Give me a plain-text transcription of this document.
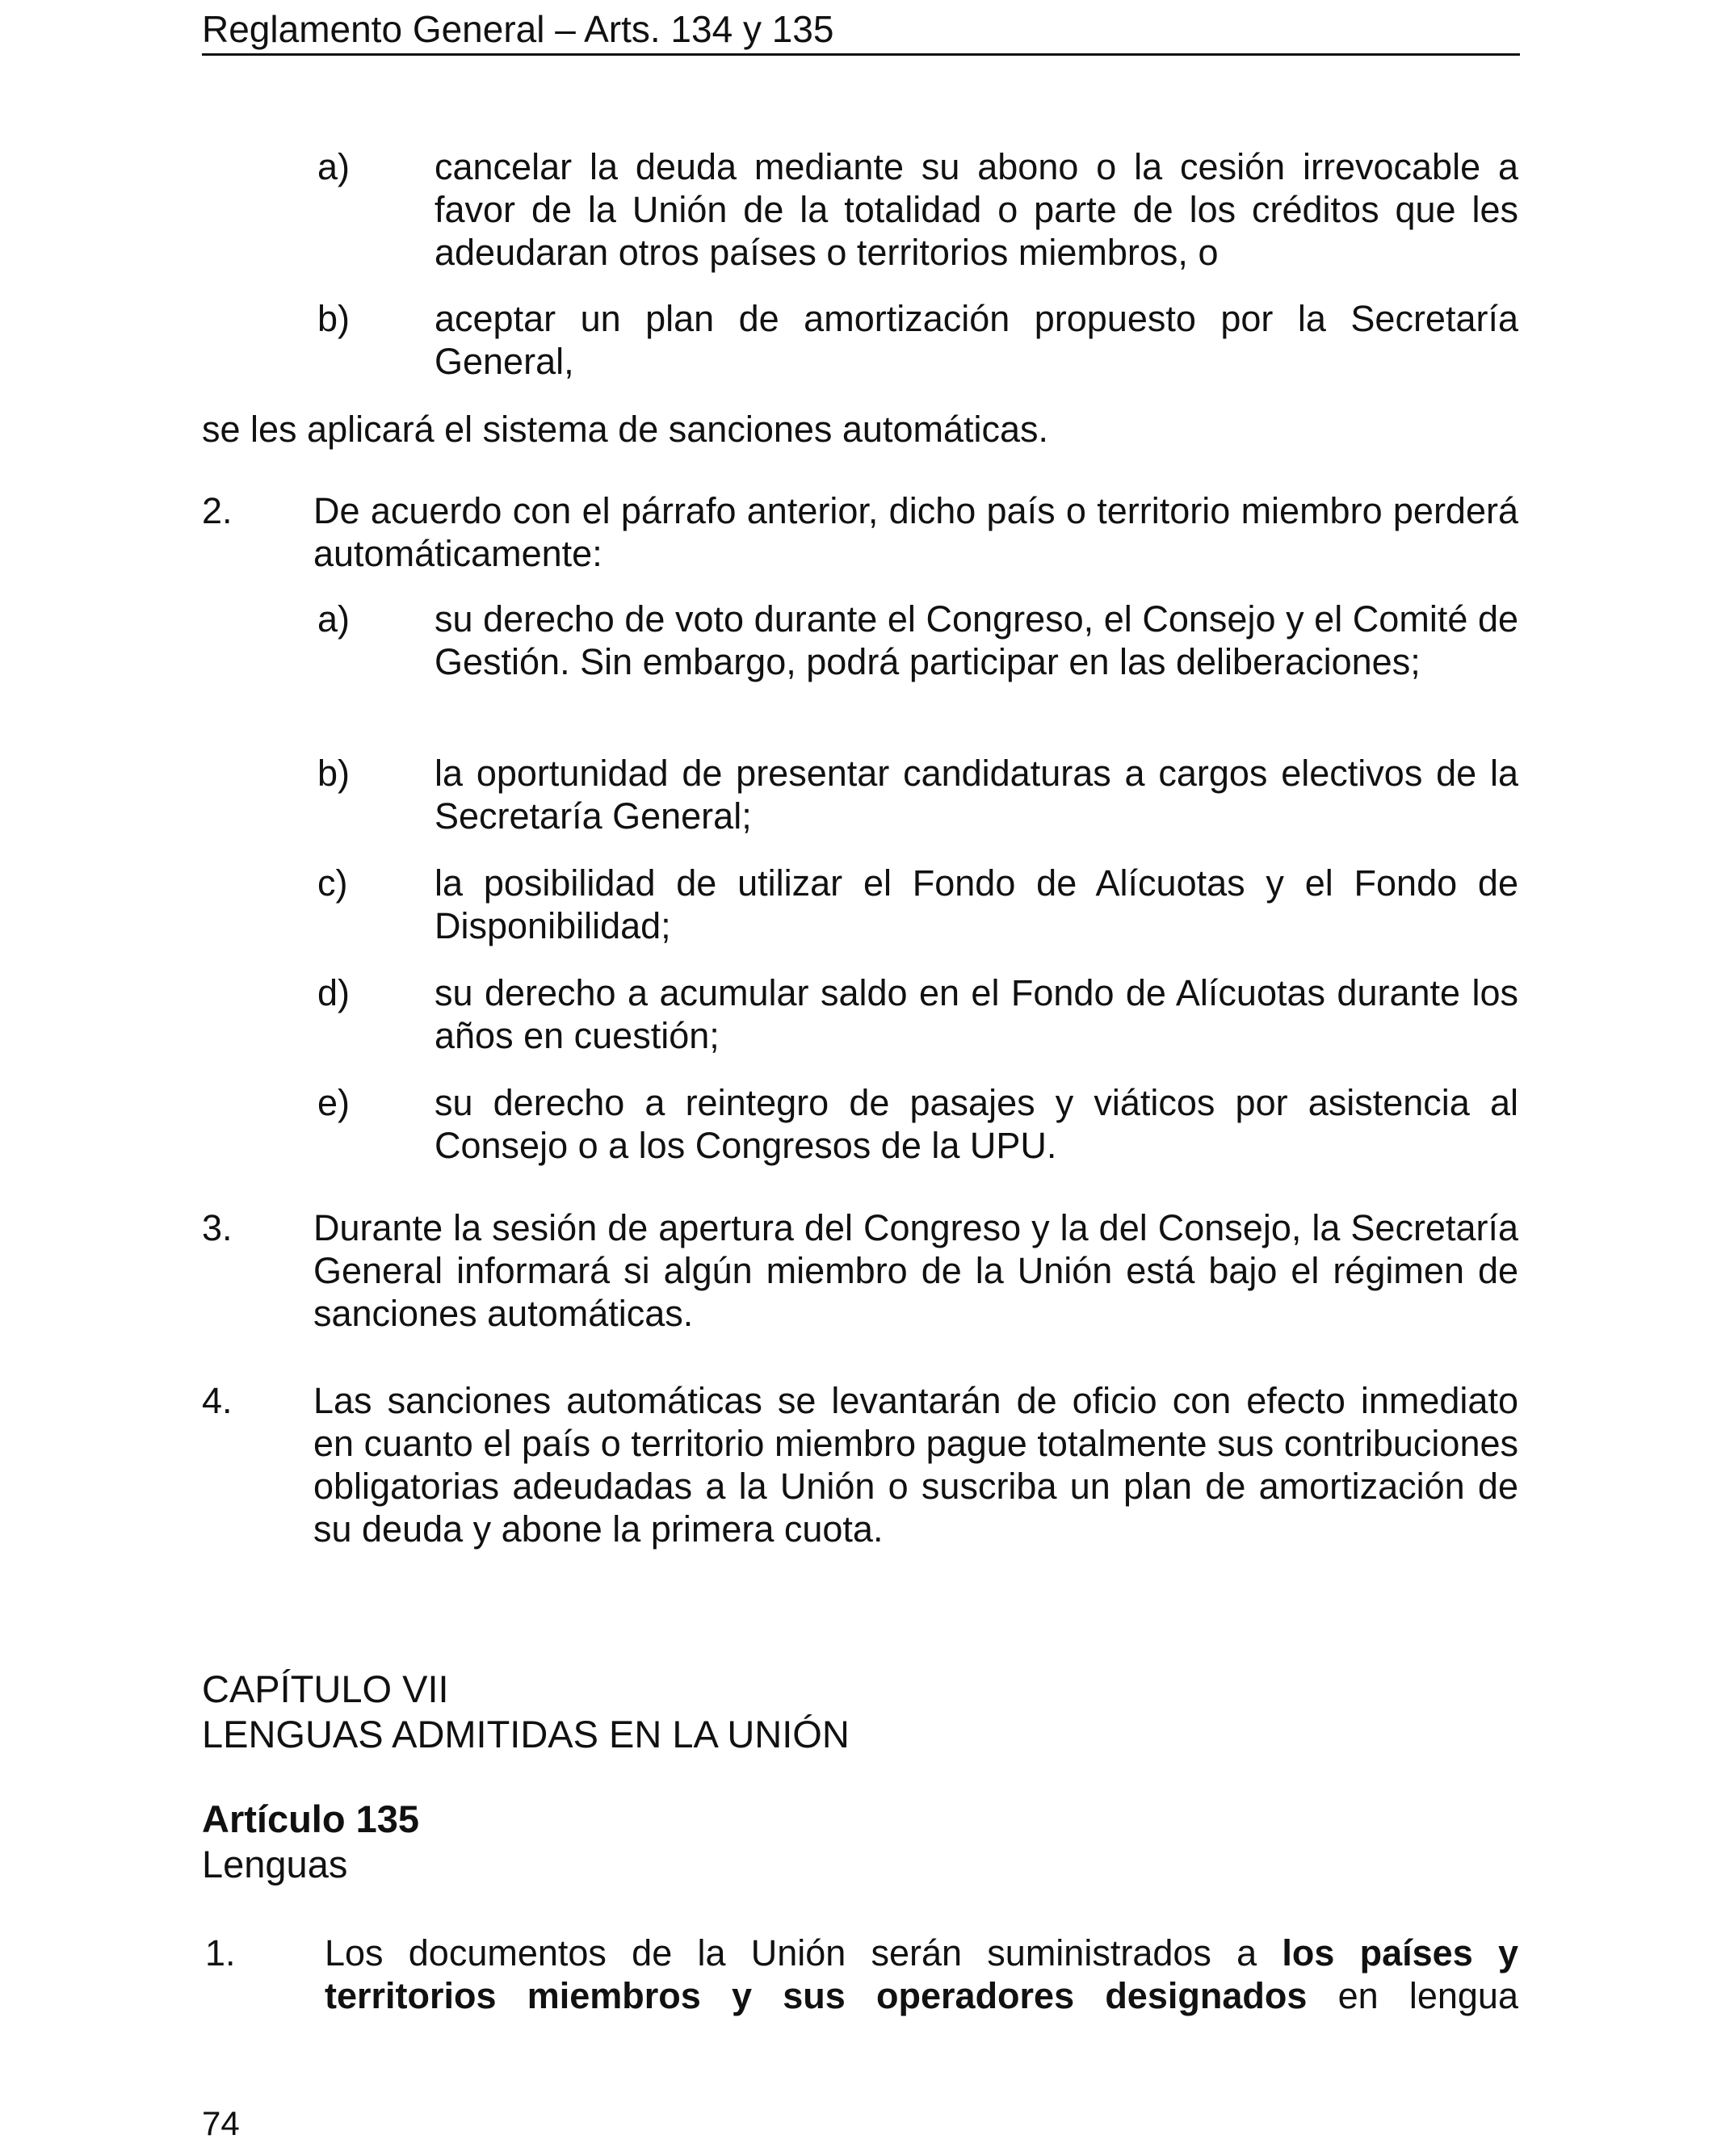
Reglamento General – Arts. 134 y 135
a) cancelar la deuda mediante su abono o la cesión irrevocable a favor de la Unión de la totalidad o parte de los créditos que les adeudaran otros países o territorios miembros, o
b) aceptar un plan de amortización propuesto por la Secretaría General,
se les aplicará el sistema de sanciones automáticas.
2. De acuerdo con el párrafo anterior, dicho país o territorio miembro perderá automáticamente:
a) su derecho de voto durante el Congreso, el Consejo y el Comité de Gestión. Sin embargo, podrá participar en las deliberaciones;
b) la oportunidad de presentar candidaturas a cargos electivos de la Secretaría General;
c) la posibilidad de utilizar el Fondo de Alícuotas y el Fondo de Disponibilidad;
d) su derecho a acumular saldo en el Fondo de Alícuotas durante los años en cuestión;
e) su derecho a reintegro de pasajes y viáticos por asistencia al Consejo o a los Congresos de la UPU.
3. Durante la sesión de apertura del Congreso y la del Consejo, la Secretaría General informará si algún miembro de la Unión está bajo el régimen de sanciones automáticas.
4. Las sanciones automáticas se levantarán de oficio con efecto inmediato en cuanto el país o territorio miembro pague totalmente sus contribuciones obligatorias adeudadas a la Unión o suscriba un plan de amortización de su deuda y abone la primera cuota.
CAPÍTULO VII
LENGUAS ADMITIDAS EN LA UNIÓN
Artículo 135
Lenguas
1. Los documentos de la Unión serán suministrados a los países y territorios miembros y sus operadores designados en lengua
74
